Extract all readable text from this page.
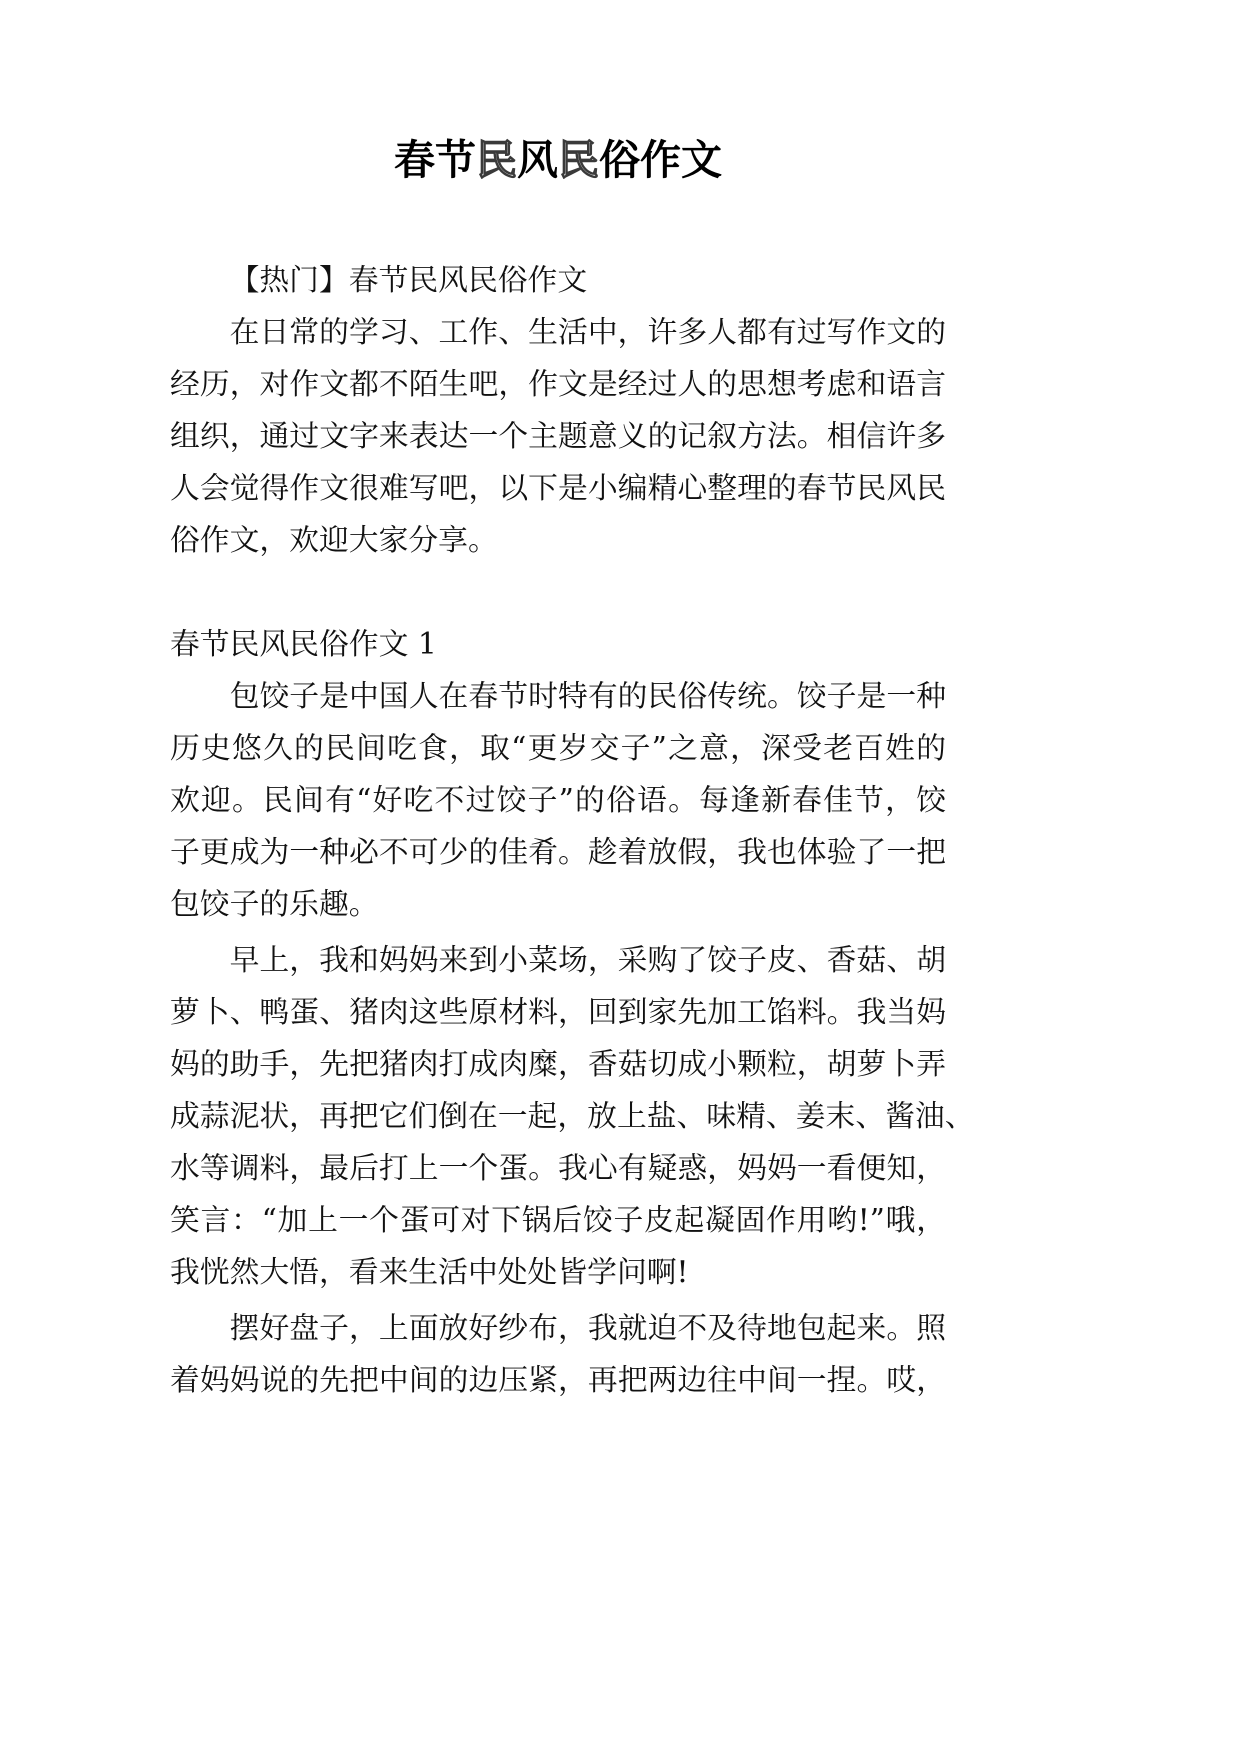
春节民风民俗作文
【热门】春节民风民俗作文
在日常的学习、工作、生活中，许多人都有过写作文的
经历，对作文都不陌生吧，作文是经过人的思想考虑和语言
组织，通过文字来表达一个主题意义的记叙方法。相信许多
人会觉得作文很难写吧，以下是小编精心整理的春节民风民
俗作文，欢迎大家分享。
春节民风民俗作文 1
包饺子是中国人在春节时特有的民俗传统。饺子是一种
历史悠久的民间吃食，取“更岁交子”之意，深受老百姓的
欢迎。民间有“好吃不过饺子”的俗语。每逢新春佳节，饺
子更成为一种必不可少的佳肴。趁着放假，我也体验了一把
包饺子的乐趣。
早上，我和妈妈来到小菜场，采购了饺子皮、香菇、胡
萝卜、鸭蛋、猪肉这些原材料，回到家先加工馅料。我当妈
妈的助手，先把猪肉打成肉糜，香菇切成小颗粒，胡萝卜弄
成蒜泥状，再把它们倒在一起，放上盐、味精、姜末、酱油、
水等调料，最后打上一个蛋。我心有疑惑，妈妈一看便知，
笑言：“加上一个蛋可对下锅后饺子皮起凝固作用哟!”哦，
我恍然大悟，看来生活中处处皆学问啊!
摆好盘子，上面放好纱布，我就迫不及待地包起来。照
着妈妈说的先把中间的边压紧，再把两边往中间一捏。哎，
